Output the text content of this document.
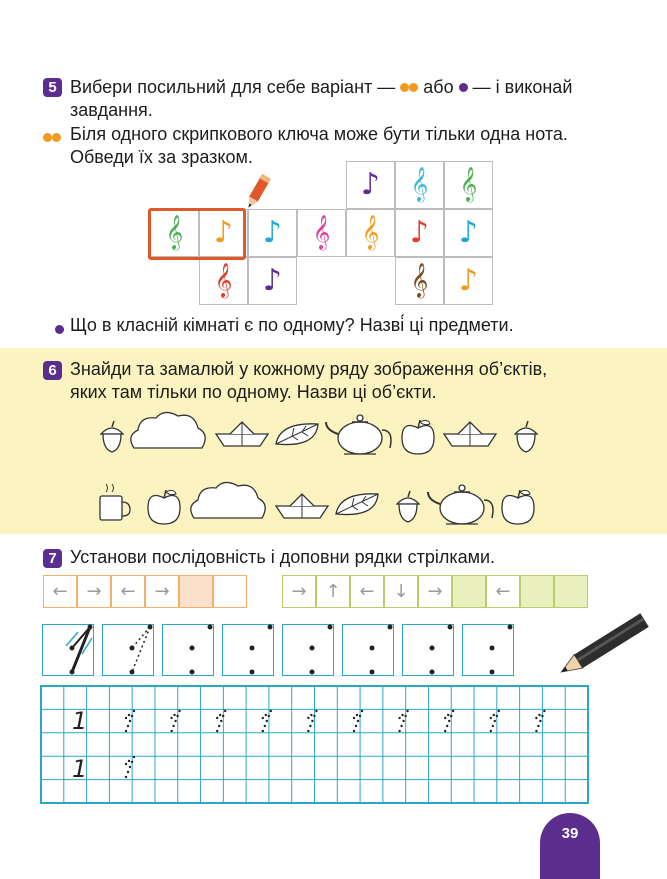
5 Вибери посильний для себе варіант — або — і виконай
завдання.
Біля одного скрипкового ключа може бути тільки одна нота.
Обведи їх за зразком.
♪	𝄞	𝄞
𝄞	♪ ♪	𝄞	𝄞	♪ ♪
𝄞	♪	𝄞	♪
Що в класній кімнаті є по одному? Назві́ ці предмети.
6 Знайди та замалюй у кожному ряду зображення об’єктів,
яких там тільки по одному. Назви ці об’єкти.
7 Установи послідовність і доповни рядки стрілками.
←	→	←	→	→	↑	←	↓	→	←
1
1
39
